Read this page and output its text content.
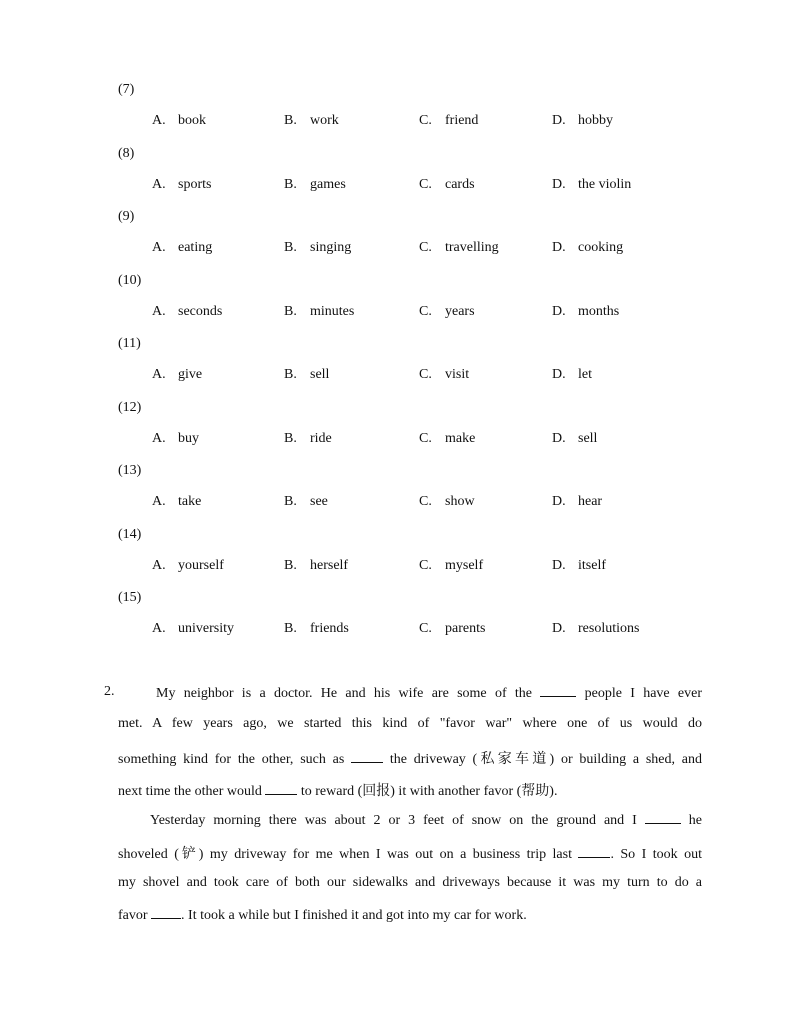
(7)
A. book	B. work	C. friend	D. hobby
(8)
A. sports	B. games	C. cards	D. the violin
(9)
A. eating	B. singing	C. travelling	D. cooking
(10)
A. seconds	B. minutes	C. years	D. months
(11)
A. give	B. sell	C. visit	D. let
(12)
A. buy	B. ride	C. make	D. sell
(13)
A. take	B. see	C. show	D. hear
(14)
A. yourself	B. herself	C. myself	D. itself
(15)
A. university	B. friends	C. parents	D. resolutions
2.	My neighbor is a doctor. He and his wife are some of the	people I have ever
met. A few years ago, we started this kind of "favor war" where one of us would do
something kind for the other, such as  the driveway (私家车道) or building a shed, and
next time the other would  to reward (回报) it with another favor (帮助).
Yesterday morning there was about 2 or 3 feet of snow on the ground and I	he
shoveled (铲) my driveway for me when I was out on a business trip last . So I took out
my shovel and took care of both our sidewalks and driveways because it was my turn to do a
favor . It took a while but I finished it and got into my car for work.
